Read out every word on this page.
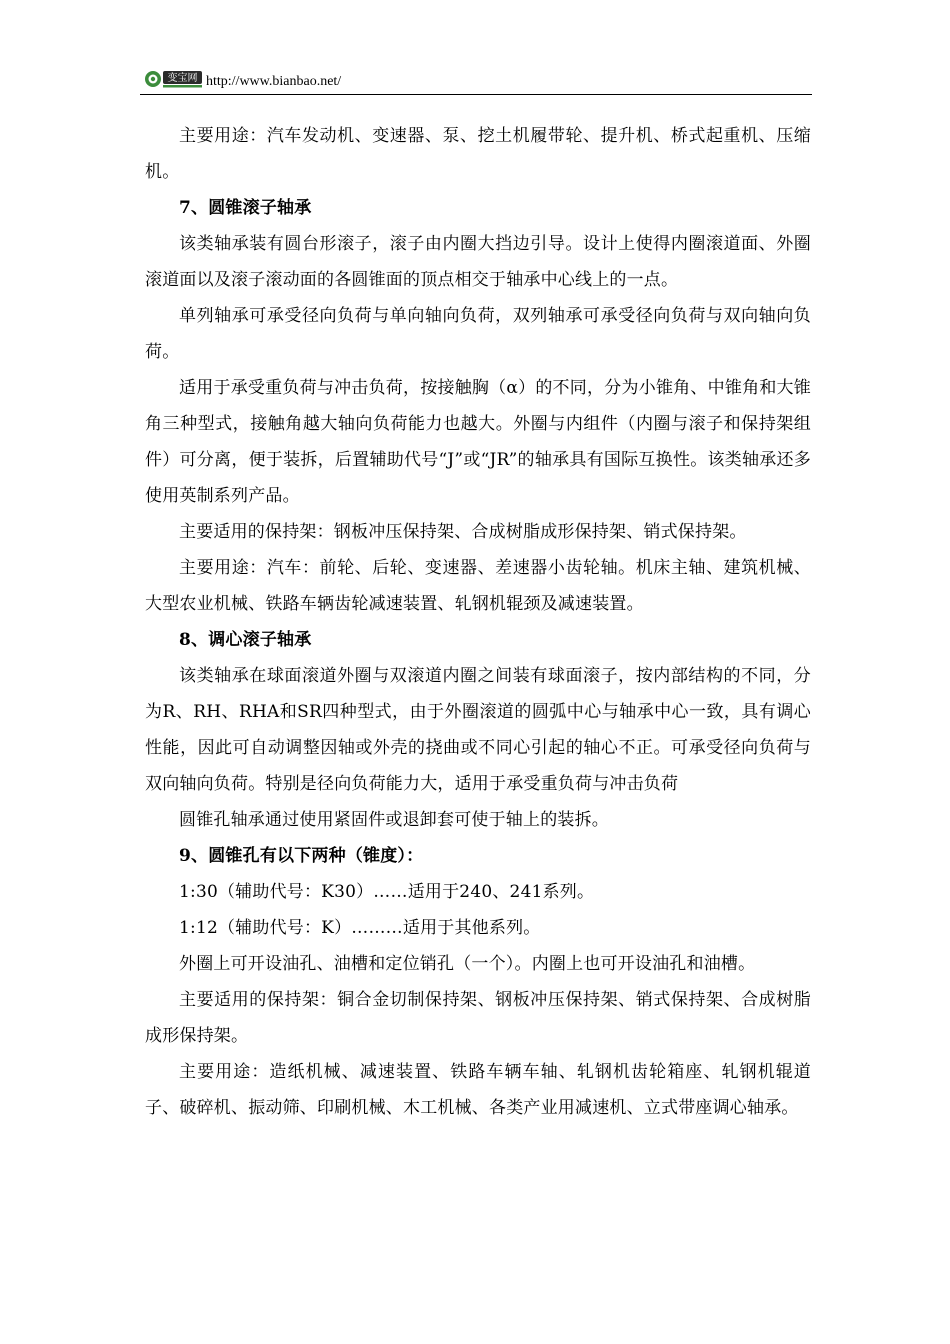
变宝网 http://www.bianbao.net/

主要用途：汽车发动机、变速器、泵、挖土机履带轮、提升机、桥式起重机、压缩机。

7、圆锥滚子轴承

该类轴承装有圆台形滚子，滚子由内圈大挡边引导。设计上使得内圈滚道面、外圈滚道面以及滚子滚动面的各圆锥面的顶点相交于轴承中心线上的一点。

单列轴承可承受径向负荷与单向轴向负荷，双列轴承可承受径向负荷与双向轴向负荷。

适用于承受重负荷与冲击负荷，按接触胸（α）的不同，分为小锥角、中锥角和大锥角三种型式，接触角越大轴向负荷能力也越大。外圈与内组件（内圈与滚子和保持架组件）可分离，便于装拆，后置辅助代号“J”或“JR”的轴承具有国际互换性。该类轴承还多使用英制系列产品。

主要适用的保持架：钢板冲压保持架、合成树脂成形保持架、销式保持架。

主要用途：汽车：前轮、后轮、变速器、差速器小齿轮轴。机床主轴、建筑机械、大型农业机械、铁路车辆齿轮减速装置、轧钢机辊颈及减速装置。

8、调心滚子轴承

该类轴承在球面滚道外圈与双滚道内圈之间装有球面滚子，按内部结构的不同，分为R、RH、RHA和SR四种型式，由于外圈滚道的圆弧中心与轴承中心一致，具有调心性能，因此可自动调整因轴或外壳的挠曲或不同心引起的轴心不正。可承受径向负荷与双向轴向负荷。特别是径向负荷能力大，适用于承受重负荷与冲击负荷

圆锥孔轴承通过使用紧固件或退卸套可使于轴上的装拆。

9、圆锥孔有以下两种（锥度）：

1:30（辅助代号：K30）……适用于240、241系列。

1:12（辅助代号：K）………适用于其他系列。

外圈上可开设油孔、油槽和定位销孔（一个）。内圈上也可开设油孔和油槽。

主要适用的保持架：铜合金切制保持架、钢板冲压保持架、销式保持架、合成树脂成形保持架。

主要用途：造纸机械、减速装置、铁路车辆车轴、轧钢机齿轮箱座、轧钢机辊道子、破碎机、振动筛、印刷机械、木工机械、各类产业用减速机、立式带座调心轴承。
